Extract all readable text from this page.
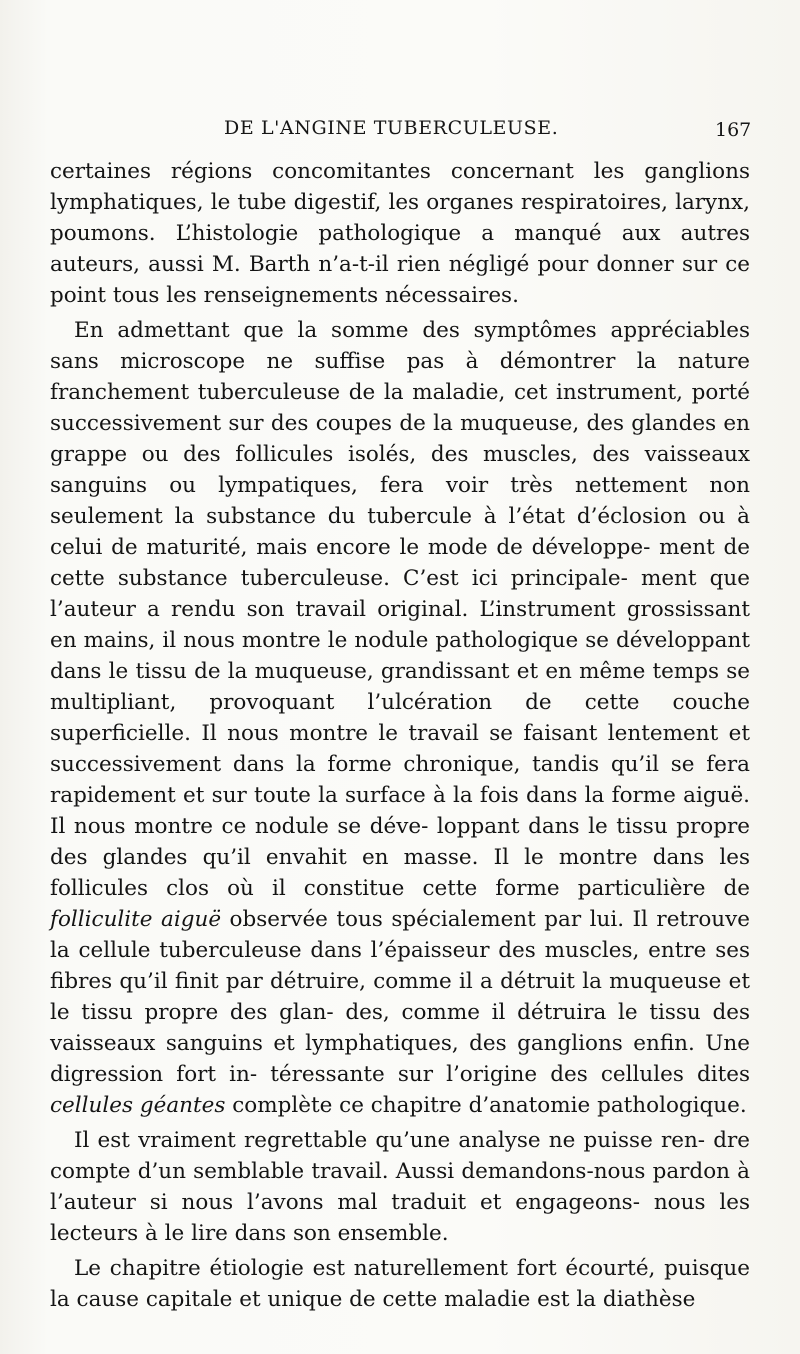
DE L'ANGINE TUBERCULEUSE.	167

certaines régions concomitantes concernant les ganglions lymphatiques, le tube digestif, les organes respiratoires, larynx, poumons. L’histologie pathologique a manqué aux autres auteurs, aussi M. Barth n’a-t-il rien négligé pour donner sur ce point tous les renseignements nécessaires.

En admettant que la somme des symptômes appréciables sans microscope ne suffise pas à démontrer la nature franchement tuberculeuse de la maladie, cet instrument, porté successivement sur des coupes de la muqueuse, des glandes en grappe ou des follicules isolés, des muscles, des vaisseaux sanguins ou lympatiques, fera voir très nettement non seulement la substance du tubercule à l’état d’éclosion ou à celui de maturité, mais encore le mode de développe- ment de cette substance tuberculeuse. C’est ici principale- ment que l’auteur a rendu son travail original. L’instrument grossissant en mains, il nous montre le nodule pathologique se développant dans le tissu de la muqueuse, grandissant et en même temps se multipliant, provoquant l’ulcération de cette couche superficielle. Il nous montre le travail se faisant lentement et successivement dans la forme chronique, tandis qu’il se fera rapidement et sur toute la surface à la fois dans la forme aiguë. Il nous montre ce nodule se déve- loppant dans le tissu propre des glandes qu’il envahit en masse. Il le montre dans les follicules clos où il constitue cette forme particulière de folliculite aiguë observée tous spécialement par lui. Il retrouve la cellule tuberculeuse dans l’épaisseur des muscles, entre ses fibres qu’il finit par détruire, comme il a détruit la muqueuse et le tissu propre des glan- des, comme il détruira le tissu des vaisseaux sanguins et lymphatiques, des ganglions enfin. Une digression fort in- téressante sur l’origine des cellules dites cellules géantes complète ce chapitre d’anatomie pathologique.

Il est vraiment regrettable qu’une analyse ne puisse ren- dre compte d’un semblable travail. Aussi demandons-nous pardon à l’auteur si nous l’avons mal traduit et engageons- nous les lecteurs à le lire dans son ensemble.

Le chapitre étiologie est naturellement fort écourté, puisque la cause capitale et unique de cette maladie est la diathèse
